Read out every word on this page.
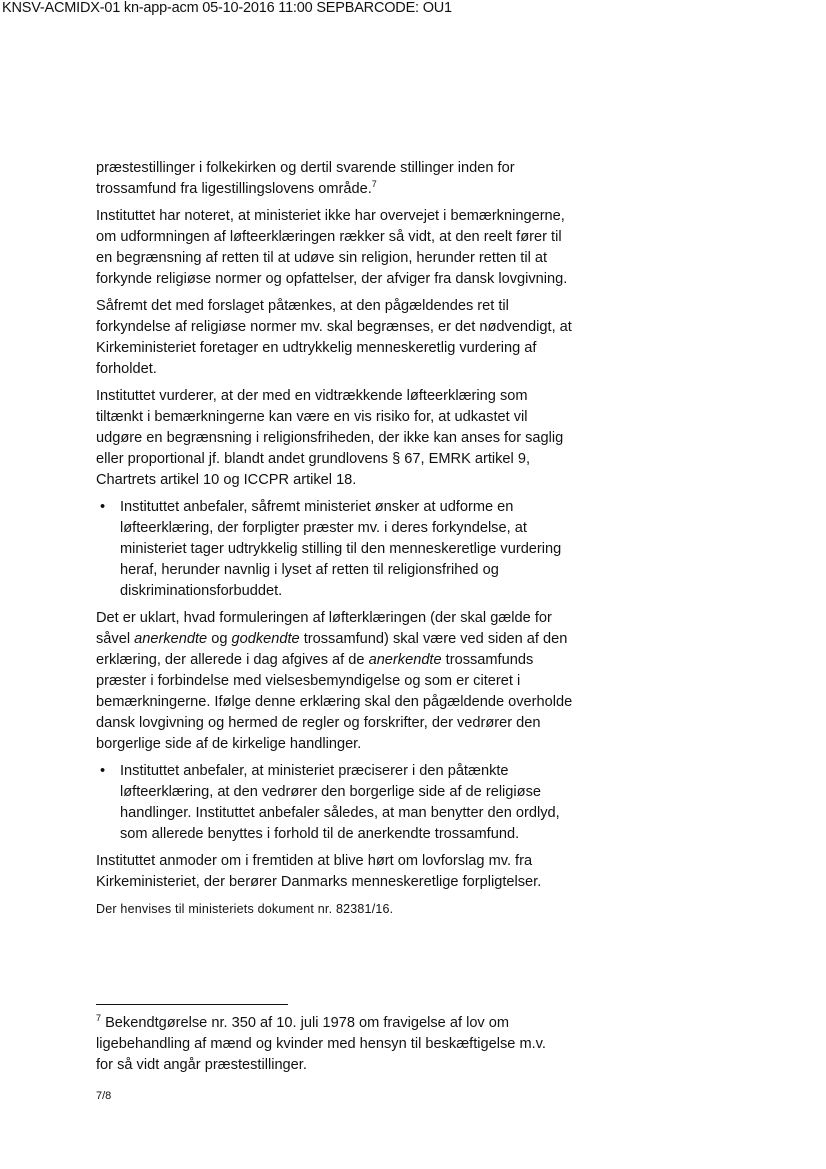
KNSV-ACMIDX-01 kn-app-acm 05-10-2016 11:00 SEPBARCODE: OU1

præstestillinger i folkekirken og dertil svarende stillinger inden for trossamfund fra ligestillingslovens område.$^7$

Instituttet har noteret, at ministeriet ikke har overvejet i bemærkningerne, om udformningen af løfteerklæringen rækker så vidt, at den reelt fører til en begrænsning af retten til at udøve sin religion, herunder retten til at forkynde religiøse normer og opfattelser, der afviger fra dansk lovgivning.

Såfremt det med forslaget påtænkes, at den pågældendes ret til forkyndelse af religiøse normer mv. skal begrænses, er det nødvendigt, at Kirkeministeriet foretager en udtrykkelig menneskeretlig vurdering af forholdet.

Instituttet vurderer, at der med en vidtrækkende løfteerklæring som tiltænkt i bemærkningerne kan være en vis risiko for, at udkastet vil udgøre en begrænsning i religionsfriheden, der ikke kan anses for saglig eller proportional jf. blandt andet grundlovens § 67, EMRK artikel 9, Chartrets artikel 10 og ICCPR artikel 18.

• Instituttet anbefaler, såfremt ministeriet ønsker at udforme en løfteerklæring, der forpligter præster mv. i deres forkyndelse, at ministeriet tager udtrykkelig stilling til den menneskeretlige vurdering heraf, herunder navnlig i lyset af retten til religionsfrihed og diskriminationsforbuddet.

Det er uklart, hvad formuleringen af løfterklæringen (der skal gælde for såvel anerkendte og godkendte trossamfund) skal være ved siden af den erklæring, der allerede i dag afgives af de anerkendte trossamfunds præster i forbindelse med vielsesbemyndigelse og som er citeret i bemærkningerne. Ifølge denne erklæring skal den pågældende overholde dansk lovgivning og hermed de regler og forskrifter, der vedrører den borgerlige side af de kirkelige handlinger.

• Instituttet anbefaler, at ministeriet præciserer i den påtænkte løfteerklæring, at den vedrører den borgerlige side af de religiøse handlinger. Instituttet anbefaler således, at man benytter den ordlyd, som allerede benyttes i forhold til de anerkendte trossamfund.

Instituttet anmoder om i fremtiden at blive hørt om lovforslag mv. fra Kirkeministeriet, der berører Danmarks menneskeretlige forpligtelser.

Der henvises til ministeriets dokument nr. 82381/16.

$^7$ Bekendtgørelse nr. 350 af 10. juli 1978 om fravigelse af lov om ligebehandling af mænd og kvinder med hensyn til beskæftigelse m.v. for så vidt angår præstestillinger.
7/8
